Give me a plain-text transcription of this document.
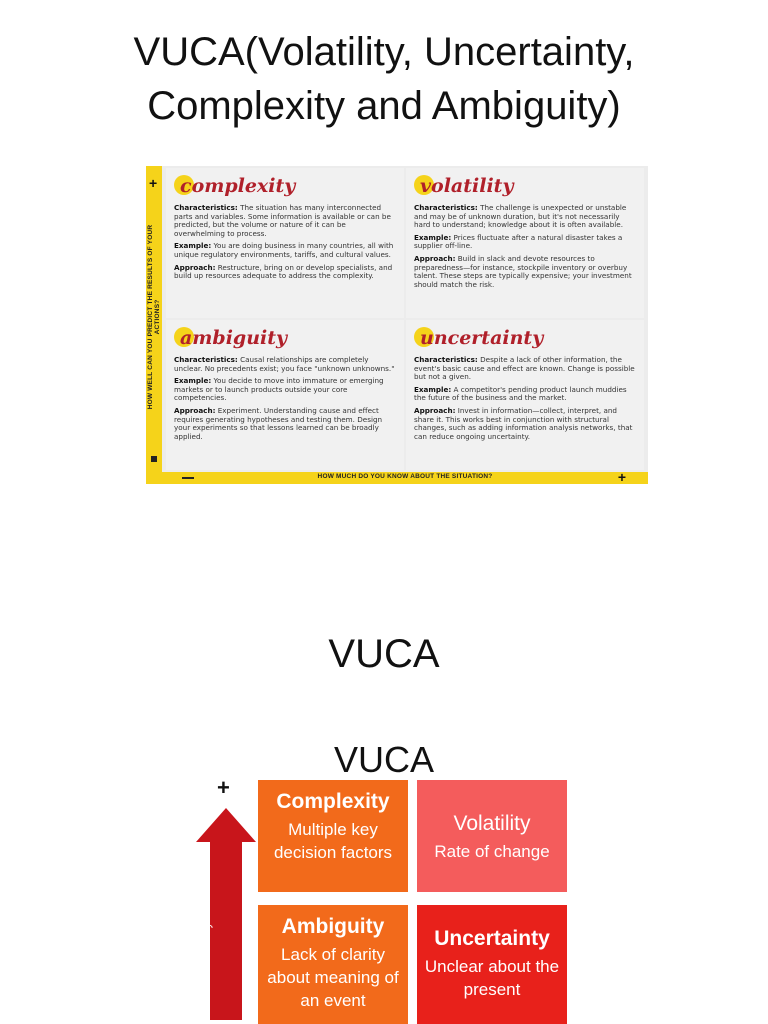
VUCA(Volatility, Uncertainty,
Complexity and Ambiguity)
+
HOW WELL CAN YOU PREDICT THE RESULTS OF YOUR ACTIONS?
complexity

Characteristics: The situation has many interconnected parts and variables. Some information is available or can be predicted, but the volume or nature of it can be overwhelming to process.

Example: You are doing business in many countries, all with unique regulatory environments, tariffs, and cultural values.

Approach: Restructure, bring on or develop specialists, and build up resources adequate to address the complexity.

volatility

Characteristics: The challenge is unexpected or unstable and may be of unknown duration, but it's not necessarily hard to understand; knowledge about it is often available.

Example: Prices fluctuate after a natural disaster takes a supplier off-line.

Approach: Build in slack and devote resources to preparedness—for instance, stockpile inventory or overbuy talent. These steps are typically expensive; your investment should match the risk.

ambiguity

Characteristics: Causal relationships are completely unclear. No precedents exist; you face "unknown unknowns."

Example: You decide to move into immature or emerging markets or to launch products outside your core competencies.

Approach: Experiment. Understanding cause and effect requires generating hypotheses and testing them. Design your experiments so that lessons learned can be broadly applied.

uncertainty

Characteristics: Despite a lack of other information, the event's basic cause and effect are known. Change is possible but not a given.

Example: A competitor's pending product launch muddies the future of the business and the market.

Approach: Invest in information—collect, interpret, and share it. This works best in conjunction with structural changes, such as adding information analysis networks, that can reduce ongoing uncertainty.

HOW MUCH DO YOU KNOW ABOUT THE SITUATION?	+
VUCA
VUCA
+
How well can you predict the outcome of your actions?
Complexity
Multiple key decision factors
Volatility
Rate of change
Ambiguity
Lack of clarity about meaning of an event
Uncertainty
Unclear about the present
